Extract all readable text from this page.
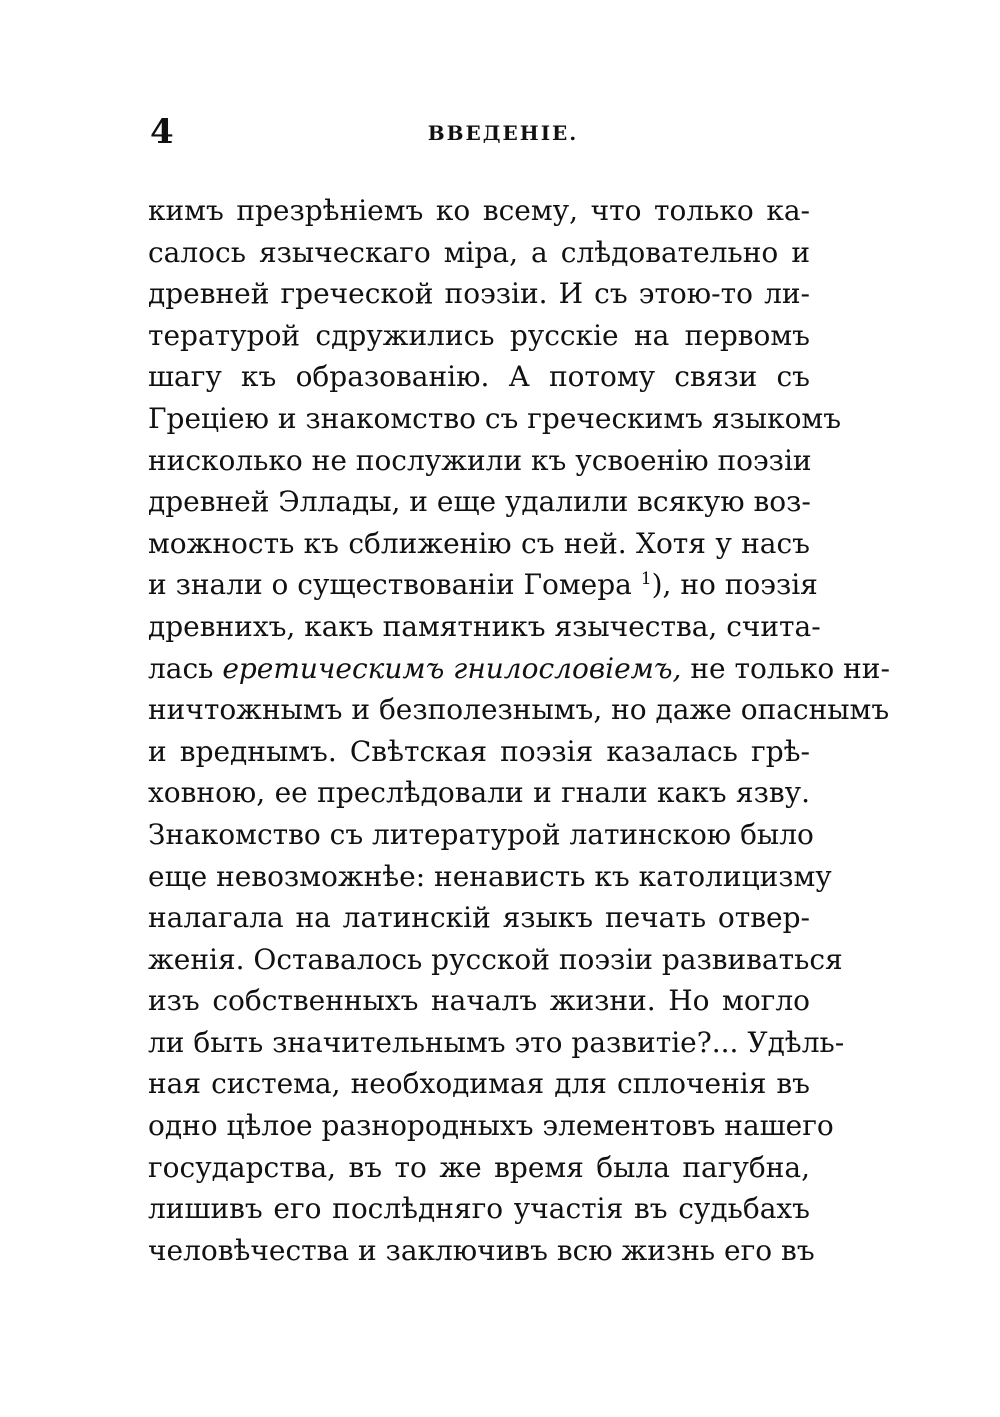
4	ВВЕДЕНІЕ.
кимъ презрѣніемъ ко всему, что только ка-
салось языческаго міра, а слѣдовательно и
древней греческой поэзіи. И съ этою-то ли-
тературой сдружились русскіе на первомъ
шагу къ образованію. А потому связи съ
Грецiею и знакомство съ греческимъ языкомъ
нисколько не послужили къ усвоенію поэзіи
древней Эллады, и еще удалили всякую воз-
можность къ сближенію съ ней. Хотя у насъ
и знали о существованіи Гомера $^1$), но поэзія
древнихъ, какъ памятникъ язычества, счита-
лась еретическимъ гнилословіемъ, не только ни-
ничтожнымъ и безполезнымъ, но даже опаснымъ
и вреднымъ. Свѣтская поэзія казалась грѣ-
ховною, ее преслѣдовали и гнали какъ язву.
Знакомство съ литературой латинскою было
еще невозможнѣе: ненависть къ католицизму
налагала на латинскій языкъ печать отвер-
женія. Оставалось русской поэзіи развиваться
изъ собственныхъ началъ жизни. Но могло
ли быть значительнымъ это развитіе?... Удѣль-
ная система, необходимая для сплоченія въ
одно цѣлое разнородныхъ элементовъ нашего
государства, въ то же время была пагубна,
лишивъ его послѣдняго участія въ судьбахъ
человѣчества и заключивъ всю жизнь его въ
